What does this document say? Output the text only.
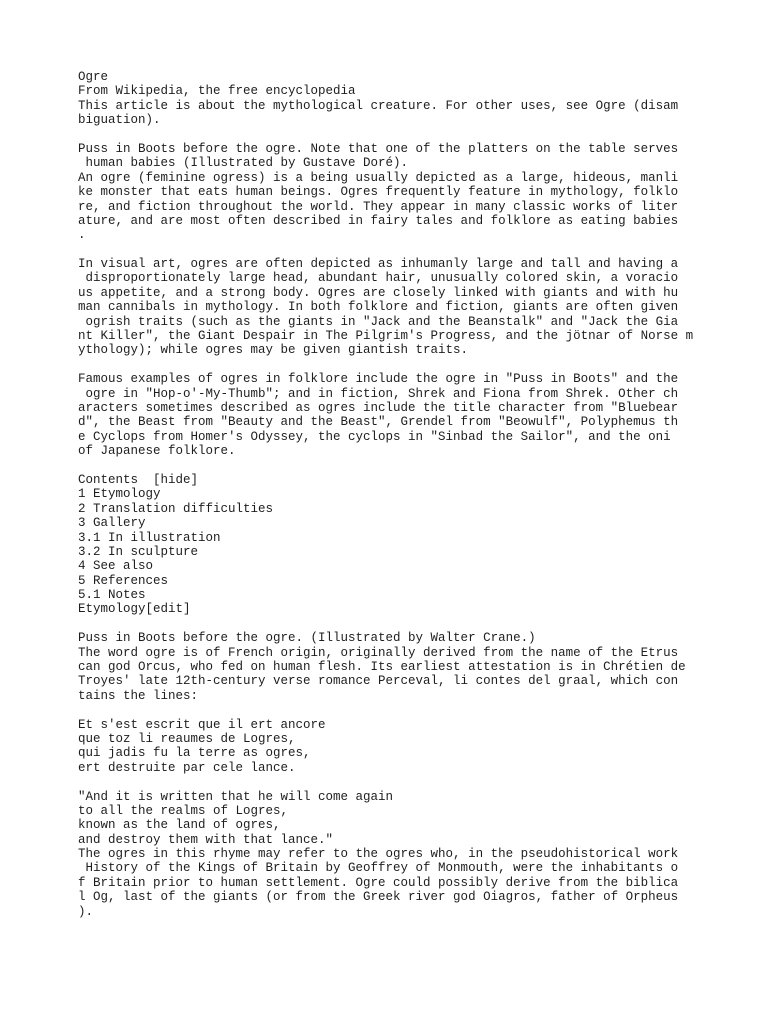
Ogre
From Wikipedia, the free encyclopedia
This article is about the mythological creature. For other uses, see Ogre (disam
biguation).
Puss in Boots before the ogre. Note that one of the platters on the table serves
human babies (Illustrated by Gustave Doré).
An ogre (feminine ogress) is a being usually depicted as a large, hideous, manli
ke monster that eats human beings. Ogres frequently feature in mythology, folklo
re, and fiction throughout the world. They appear in many classic works of liter
ature, and are most often described in fairy tales and folklore as eating babies
.
In visual art, ogres are often depicted as inhumanly large and tall and having a
disproportionately large head, abundant hair, unusually colored skin, a voracio
us appetite, and a strong body. Ogres are closely linked with giants and with hu
man cannibals in mythology. In both folklore and fiction, giants are often given
ogrish traits (such as the giants in "Jack and the Beanstalk" and "Jack the Gia
nt Killer", the Giant Despair in The Pilgrim's Progress, and the jötnar of Norse m
ythology); while ogres may be given giantish traits.
Famous examples of ogres in folklore include the ogre in "Puss in Boots" and the
ogre in "Hop-o'-My-Thumb"; and in fiction, Shrek and Fiona from Shrek. Other ch
aracters sometimes described as ogres include the title character from "Bluebear
d", the Beast from "Beauty and the Beast", Grendel from "Beowulf", Polyphemus th
e Cyclops from Homer's Odyssey, the cyclops in "Sinbad the Sailor", and the oni
of Japanese folklore.
Contents  [hide]
1 Etymology
2 Translation difficulties
3 Gallery
3.1 In illustration
3.2 In sculpture
4 See also
5 References
5.1 Notes
Etymology[edit]
Puss in Boots before the ogre. (Illustrated by Walter Crane.)
The word ogre is of French origin, originally derived from the name of the Etrus
can god Orcus, who fed on human flesh. Its earliest attestation is in Chrétien de
Troyes' late 12th-century verse romance Perceval, li contes del graal, which con
tains the lines:
Et s'est escrit que il ert ancore
que toz li reaumes de Logres,
qui jadis fu la terre as ogres,
ert destruite par cele lance.
"And it is written that he will come again
to all the realms of Logres,
known as the land of ogres,
and destroy them with that lance."
The ogres in this rhyme may refer to the ogres who, in the pseudohistorical work
History of the Kings of Britain by Geoffrey of Monmouth, were the inhabitants o
f Britain prior to human settlement. Ogre could possibly derive from the biblica
l Og, last of the giants (or from the Greek river god Oiagros, father of Orpheus
).
